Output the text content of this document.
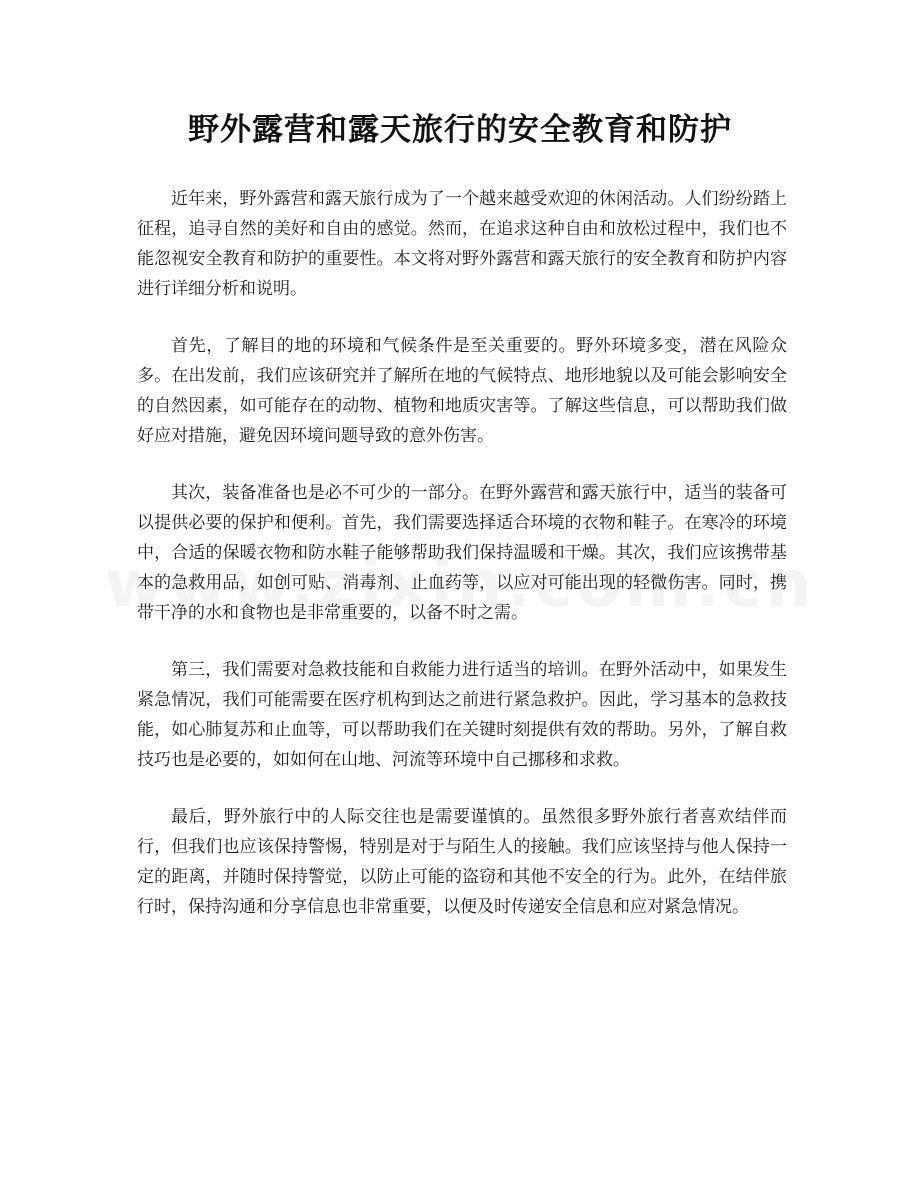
野外露营和露天旅行的安全教育和防护

近年来，野外露营和露天旅行成为了一个越来越受欢迎的休闲活动。人们纷纷踏上征程，追寻自然的美好和自由的感觉。然而，在追求这种自由和放松过程中，我们也不能忽视安全教育和防护的重要性。本文将对野外露营和露天旅行的安全教育和防护内容进行详细分析和说明。

首先，了解目的地的环境和气候条件是至关重要的。野外环境多变，潜在风险众多。在出发前，我们应该研究并了解所在地的气候特点、地形地貌以及可能会影响安全的自然因素，如可能存在的动物、植物和地质灾害等。了解这些信息，可以帮助我们做好应对措施，避免因环境问题导致的意外伤害。

其次，装备准备也是必不可少的一部分。在野外露营和露天旅行中，适当的装备可以提供必要的保护和便利。首先，我们需要选择适合环境的衣物和鞋子。在寒冷的环境中，合适的保暖衣物和防水鞋子能够帮助我们保持温暖和干燥。其次，我们应该携带基本的急救用品，如创可贴、消毒剂、止血药等，以应对可能出现的轻微伤害。同时，携带干净的水和食物也是非常重要的，以备不时之需。

第三，我们需要对急救技能和自救能力进行适当的培训。在野外活动中，如果发生紧急情况，我们可能需要在医疗机构到达之前进行紧急救护。因此，学习基本的急救技能，如心肺复苏和止血等，可以帮助我们在关键时刻提供有效的帮助。另外，了解自救技巧也是必要的，如如何在山地、河流等环境中自己挪移和求救。

最后，野外旅行中的人际交往也是需要谨慎的。虽然很多野外旅行者喜欢结伴而行，但我们也应该保持警惕，特别是对于与陌生人的接触。我们应该坚持与他人保持一定的距离，并随时保持警觉，以防止可能的盗窃和其他不安全的行为。此外，在结伴旅行时，保持沟通和分享信息也非常重要，以便及时传递安全信息和应对紧急情况。
